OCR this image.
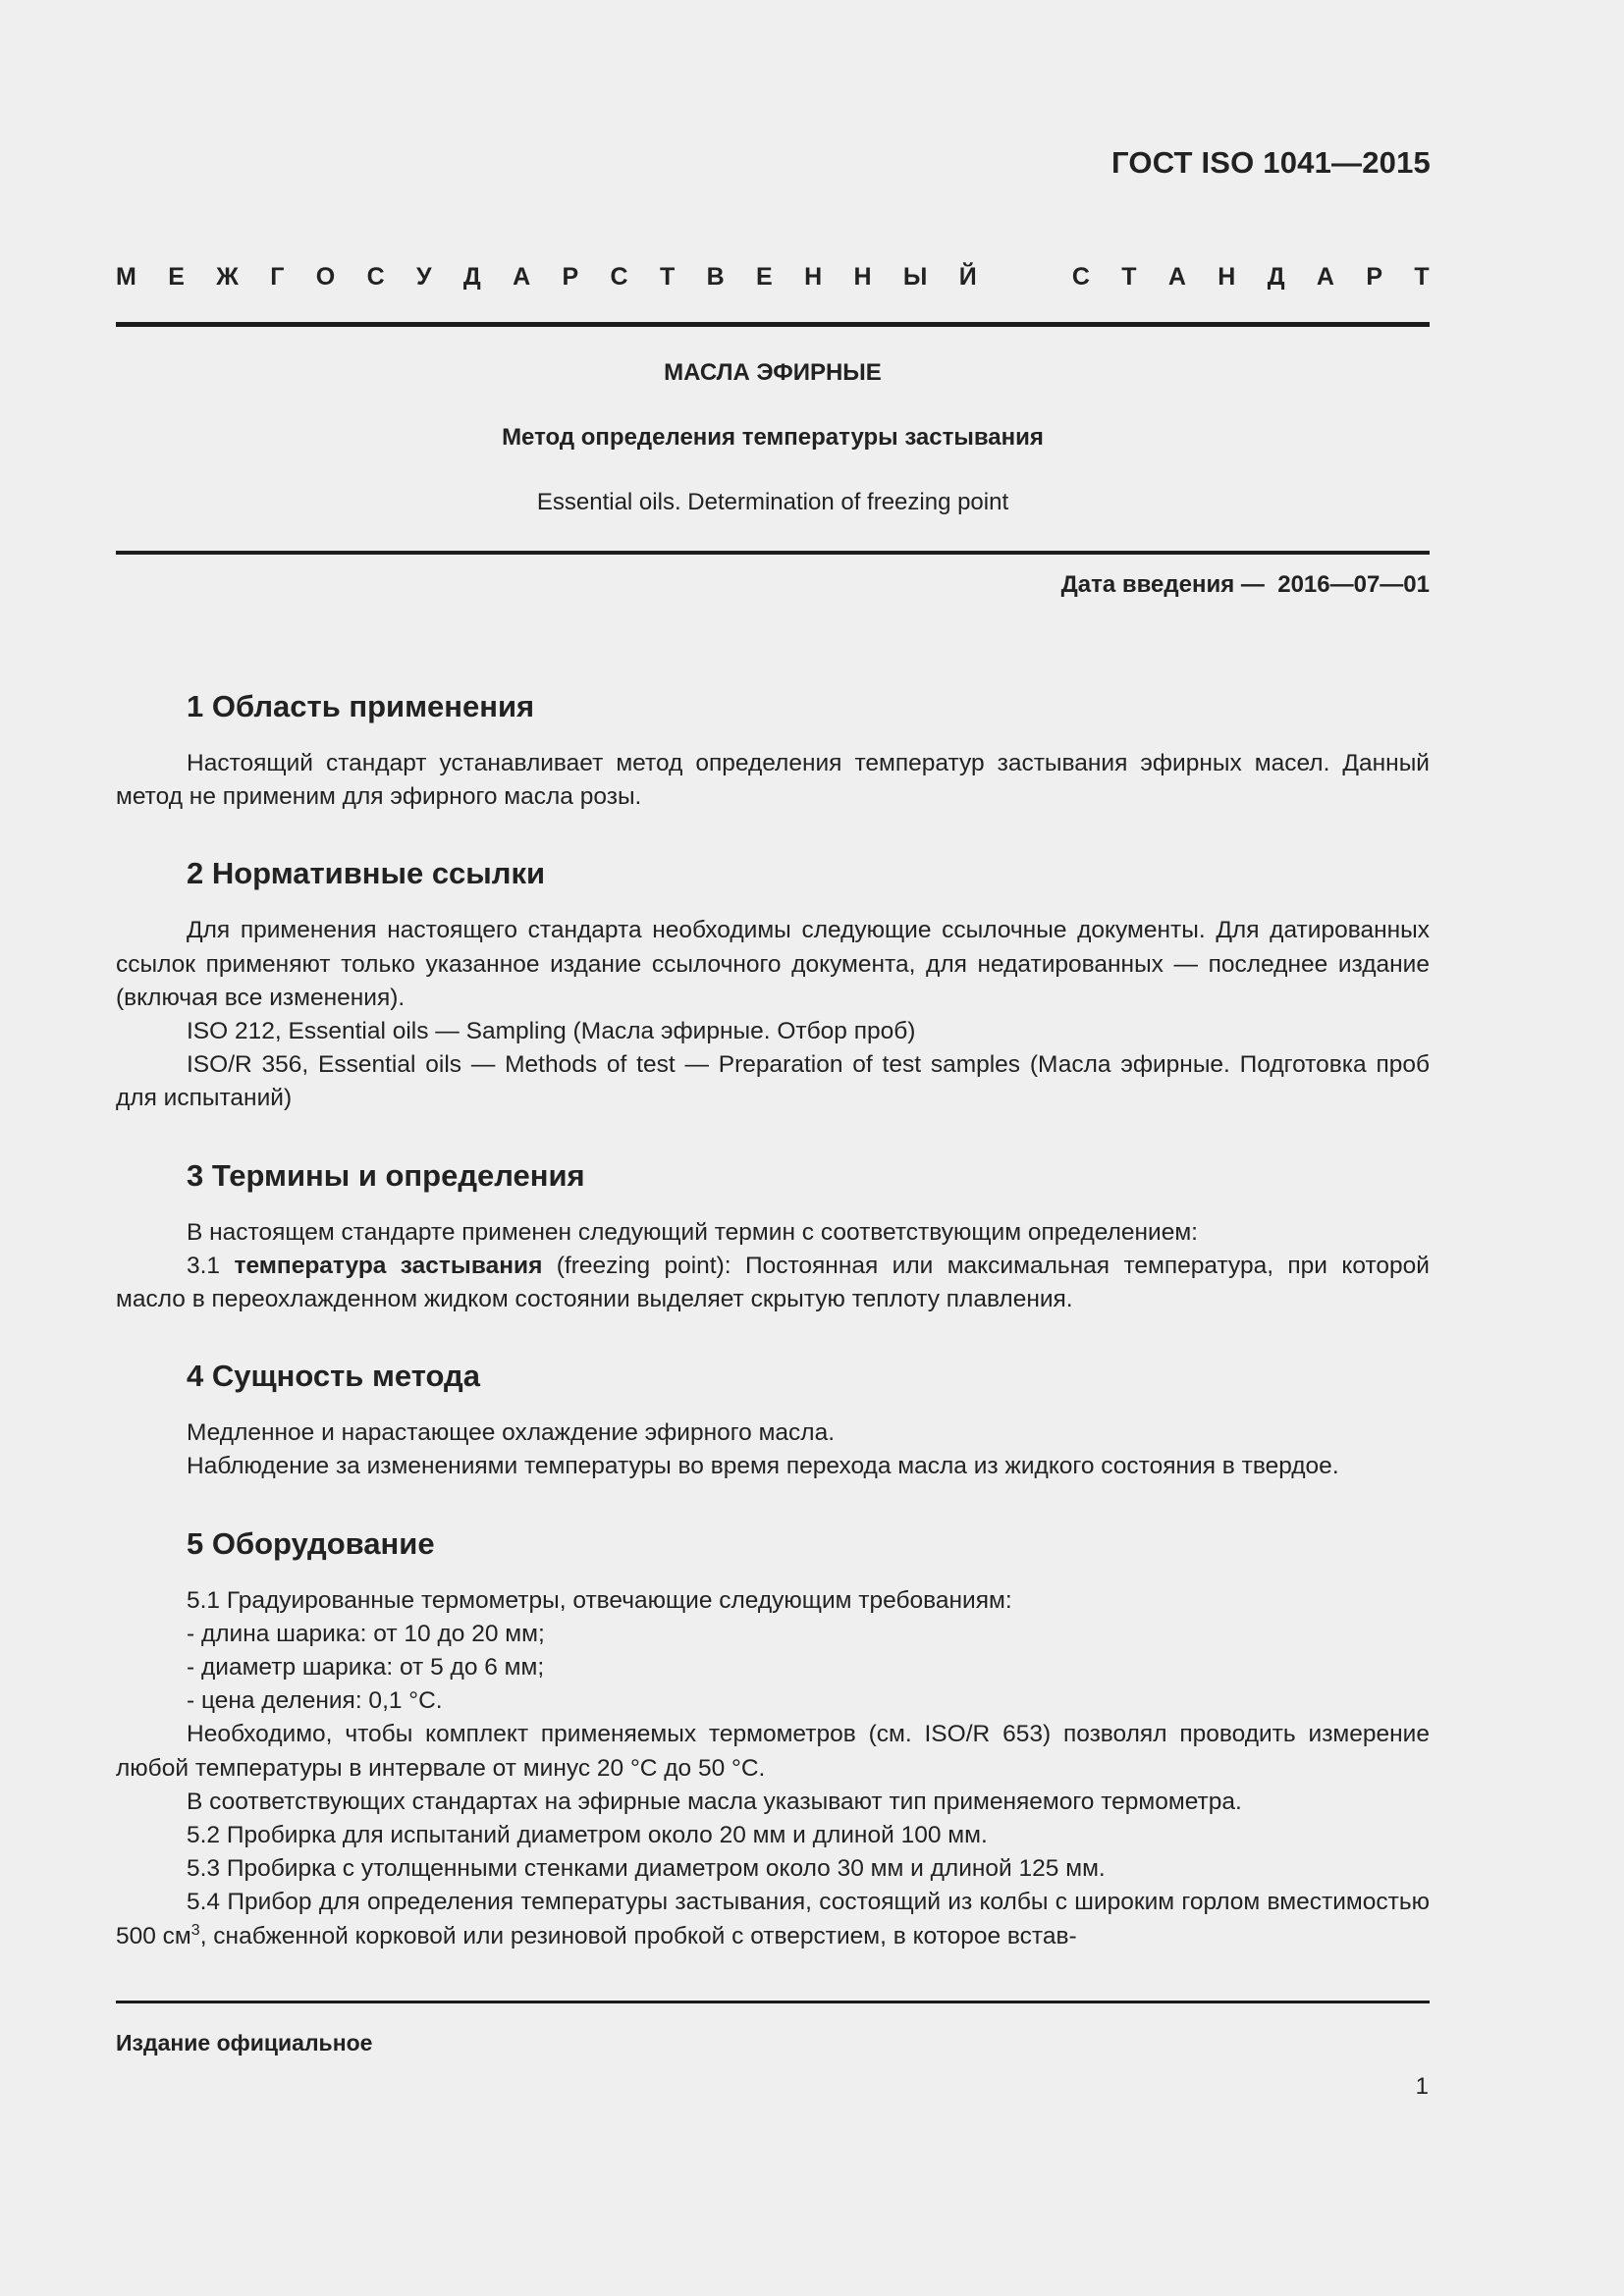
ГОСТ ISO 1041—2015
М Е Ж Г О С У Д А Р С Т В Е Н Н Ы Й	С Т А Н Д А Р Т
МАСЛА ЭФИРНЫЕ
Метод определения температуры застывания
Essential oils. Determination of freezing point
Дата введения —  2016—07—01
1 Область применения

Настоящий стандарт устанавливает метод определения температур застывания эфирных масел. Данный метод не применим для эфирного масла розы.

2 Нормативные ссылки

Для применения настоящего стандарта необходимы следующие ссылочные документы. Для датированных ссылок применяют только указанное издание ссылочного документа, для недатированных — последнее издание (включая все изменения).

ISO 212, Essential oils — Sampling (Масла эфирные. Отбор проб)

ISO/R 356, Essential oils — Methods of test — Preparation of test samples (Масла эфирные. Подготовка проб для испытаний)

3 Термины и определения

В настоящем стандарте применен следующий термин с соответствующим определением:

3.1 температура застывания (freezing point): Постоянная или максимальная температура, при которой масло в переохлажденном жидком состоянии выделяет скрытую теплоту плавления.

4 Сущность метода

Медленное и нарастающее охлаждение эфирного масла.

Наблюдение за изменениями температуры во время перехода масла из жидкого состояния в твердое.

5 Оборудование

5.1 Градуированные термометры, отвечающие следующим требованиям:

- длина шарика: от 10 до 20 мм;

- диаметр шарика: от 5 до 6 мм;

- цена деления: 0,1 °С.

Необходимо, чтобы комплект применяемых термометров (см. ISO/R 653) позволял проводить измерение любой температуры в интервале от минус 20 °С до 50 °С.

В соответствующих стандартах на эфирные масла указывают тип применяемого термометра.

5.2 Пробирка для испытаний диаметром около 20 мм и длиной 100 мм.

5.3 Пробирка с утолщенными стенками диаметром около 30 мм и длиной 125 мм.

5.4 Прибор для определения температуры застывания, состоящий из колбы с широким горлом вместимостью 500 $см^3$, снабженной корковой или резиновой пробкой с отверстием, в которое встав-

Издание официальное
1
